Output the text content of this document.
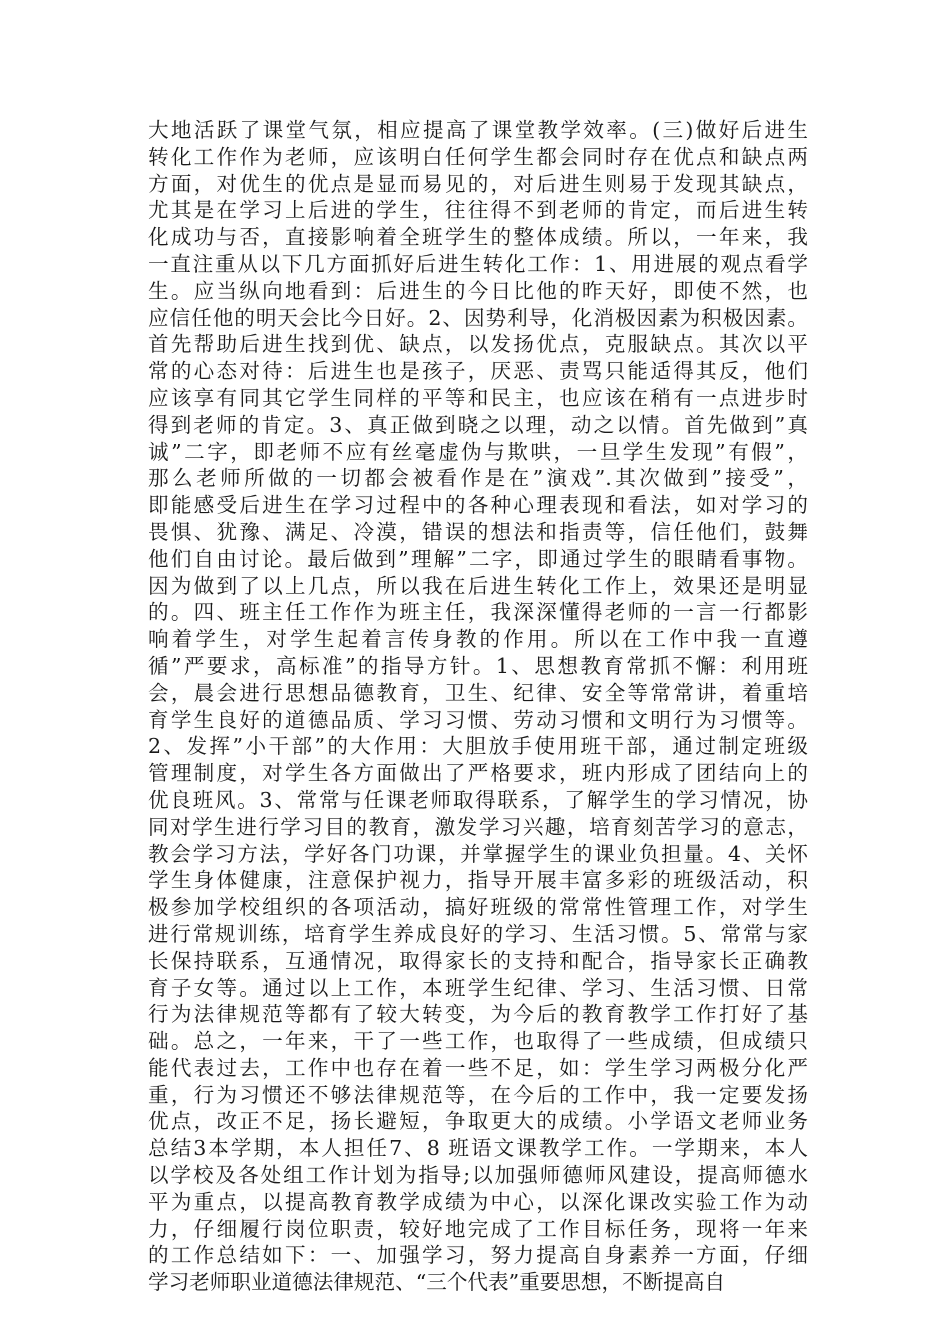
大地活跃了课堂气氛，相应提高了课堂教学效率。(三)做好后进生
转化工作作为老师，应该明白任何学生都会同时存在优点和缺点两
方面，对优生的优点是显而易见的，对后进生则易于发现其缺点，
尤其是在学习上后进的学生，往往得不到老师的肯定，而后进生转
化成功与否，直接影响着全班学生的整体成绩。所以，一年来，我
一直注重从以下几方面抓好后进生转化工作：1、用进展的观点看学
生。应当纵向地看到：后进生的今日比他的昨天好，即使不然，也
应信任他的明天会比今日好。2、因势利导，化消极因素为积极因素。
首先帮助后进生找到优、缺点，以发扬优点，克服缺点。其次以平
常的心态对待：后进生也是孩子，厌恶、责骂只能适得其反，他们
应该享有同其它学生同样的平等和民主，也应该在稍有一点进步时
得到老师的肯定。3、真正做到晓之以理，动之以情。首先做到”真
诚”二字，即老师不应有丝毫虚伪与欺哄，一旦学生发现”有假”，
那么老师所做的一切都会被看作是在”演戏”.其次做到”接受”，
即能感受后进生在学习过程中的各种心理表现和看法，如对学习的
畏惧、犹豫、满足、冷漠，错误的想法和指责等，信任他们，鼓舞
他们自由讨论。最后做到”理解”二字，即通过学生的眼睛看事物。
因为做到了以上几点，所以我在后进生转化工作上，效果还是明显
的。四、班主任工作作为班主任，我深深懂得老师的一言一行都影
响着学生，对学生起着言传身教的作用。所以在工作中我一直遵
循”严要求，高标准”的指导方针。1、思想教育常抓不懈：利用班
会，晨会进行思想品德教育，卫生、纪律、安全等常常讲，着重培
育学生良好的道德品质、学习习惯、劳动习惯和文明行为习惯等。
2、发挥”小干部”的大作用：大胆放手使用班干部，通过制定班级
管理制度，对学生各方面做出了严格要求，班内形成了团结向上的
优良班风。3、常常与任课老师取得联系，了解学生的学习情况，协
同对学生进行学习目的教育，激发学习兴趣，培育刻苦学习的意志，
教会学习方法，学好各门功课，并掌握学生的课业负担量。4、关怀
学生身体健康，注意保护视力，指导开展丰富多彩的班级活动，积
极参加学校组织的各项活动，搞好班级的常常性管理工作，对学生
进行常规训练，培育学生养成良好的学习、生活习惯。5、常常与家
长保持联系，互通情况，取得家长的支持和配合，指导家长正确教
育子女等。通过以上工作，本班学生纪律、学习、生活习惯、日常
行为法律规范等都有了较大转变，为今后的教育教学工作打好了基
础。总之，一年来，干了一些工作，也取得了一些成绩，但成绩只
能代表过去，工作中也存在着一些不足，如：学生学习两极分化严
重，行为习惯还不够法律规范等，在今后的工作中，我一定要发扬
优点，改正不足，扬长避短，争取更大的成绩。小学语文老师业务
总结3本学期，本人担任7、8 班语文课教学工作。一学期来，本人
以学校及各处组工作计划为指导;以加强师德师风建设，提高师德水
平为重点，以提高教育教学成绩为中心，以深化课改实验工作为动
力，仔细履行岗位职责，较好地完成了工作目标任务，现将一年来
的工作总结如下：一、加强学习，努力提高自身素养一方面，仔细
学习老师职业道德法律规范、“三个代表”重要思想，不断提高自
